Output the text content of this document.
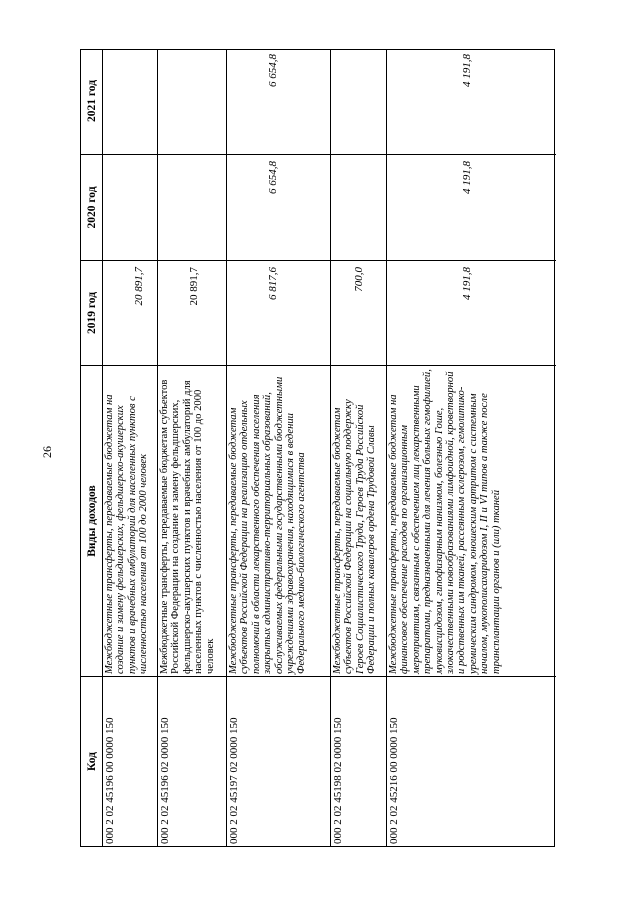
26
Код
Виды доходов
2019 год
2020 год
2021 год
000 2 02 45196 00 0000 150
Межбюджетные трансферты, передаваемые бюджетам на создание и замену фельдшерских, фельдшерско-акушерских пунктов и врачебных амбулаторий для населенных пунктов с численностью населения от 100 до 2000 человек
20 891,7
000 2 02 45196 02 0000 150
Межбюджетные трансферты, передаваемые бюджетам субъектов Российской Федерации на создание и замену фельдшерских, фельдшерско-акушерских пунктов и врачебных амбулаторий для населенных пунктов с численностью населения от 100 до 2000 человек
20 891,7
000 2 02 45197 02 0000 150
Межбюджетные трансферты, передаваемые бюджетам субъектов Российской Федерации на реализацию отдельных полномочий в области лекарственного обеспечения населения закрытых административно-территориальных образований, обслуживаемых федеральными государственными бюджетными учреждениями здравоохранения, находящимися в ведении Федерального медико-биологического агентства
6 817,6
6 654,8
6 654,8
000 2 02 45198 02 0000 150
Межбюджетные трансферты, передаваемые бюджетам субъектов Российской Федерации на социальную поддержку Героев Социалистического Труда, Героев Труда Российской Федерации и полных кавалеров ордена Трудовой Славы
700,0
000 2 02 45216 00 0000 150
Межбюджетные трансферты, передаваемые бюджетам на финансовое обеспечение расходов по организационным мероприятиям, связанным с обеспечением лиц лекарственными препаратами, предназначенными для лечения больных гемофилией, муковисцидозом, гипофизарным нанизмом, болезнью Гоше, злокачественными новообразованиями лимфоидной, кроветворной и родственных им тканей, рассеянным склерозом, гемолитико-уремическим синдромом, юношеским артритом с системным началом, мукополисахаридозом I, II и VI типов а также после трансплантации органов и (или) тканей
4 191,8
4 191,8
4 191,8
